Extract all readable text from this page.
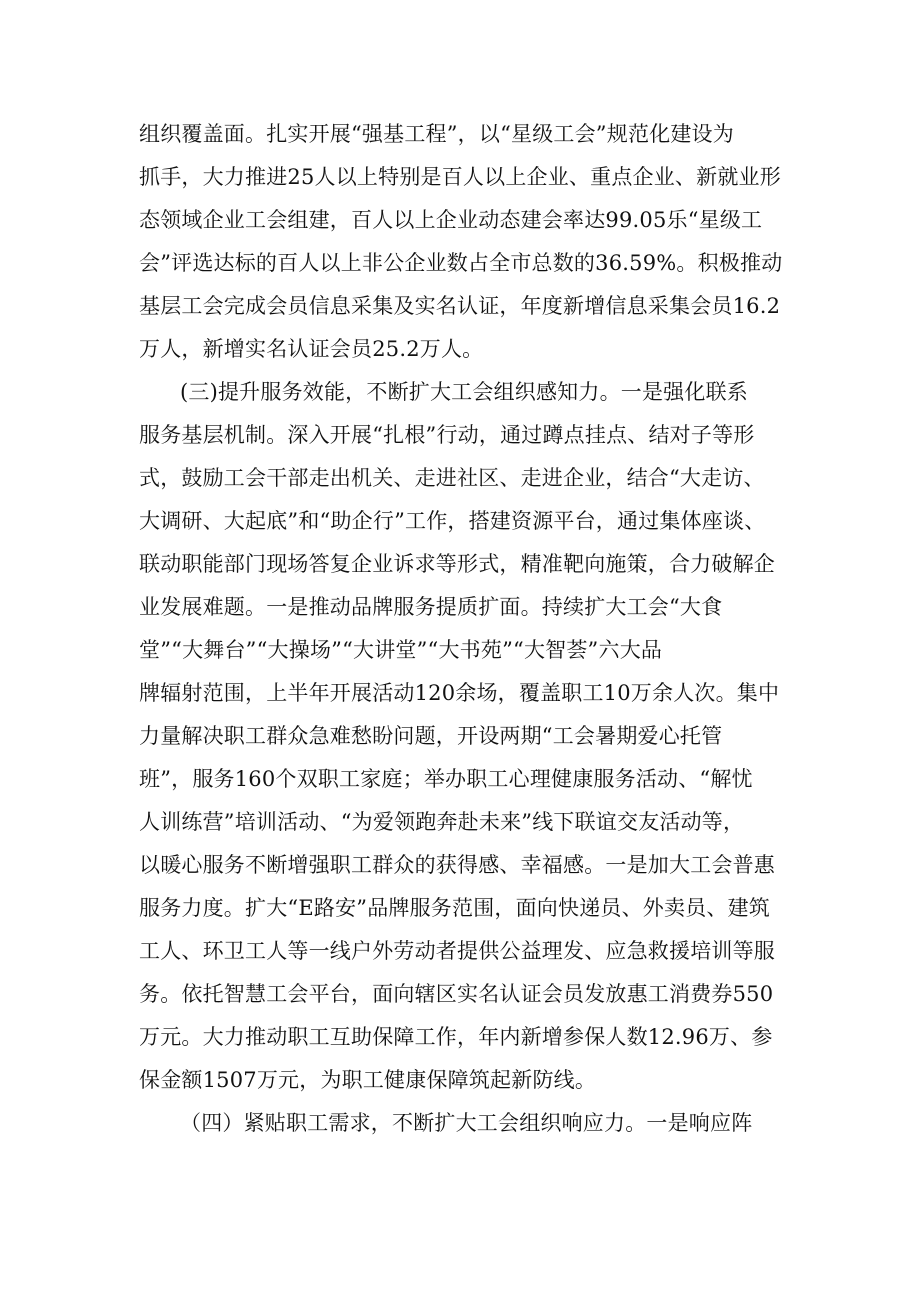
组织覆盖面。扎实开展“强基工程”，以“星级工会”规范化建设为
抓手，大力推进25人以上特别是百人以上企业、重点企业、新就业形
态领域企业工会组建，百人以上企业动态建会率达99.05乐“星级工
会”评选达标的百人以上非公企业数占全市总数的36.59%。积极推动
基层工会完成会员信息采集及实名认证，年度新增信息采集会员16.2
万人，新增实名认证会员25.2万人。
(三)提升服务效能，不断扩大工会组织感知力。一是强化联系
服务基层机制。深入开展“扎根”行动，通过蹲点挂点、结对子等形
式，鼓励工会干部走出机关、走进社区、走进企业，结合“大走访、
大调研、大起底”和“助企行”工作，搭建资源平台，通过集体座谈、
联动职能部门现场答复企业诉求等形式，精准靶向施策，合力破解企
业发展难题。一是推动品牌服务提质扩面。持续扩大工会“大食
堂”“大舞台”“大操场”“大讲堂”“大书苑”“大智荟”六大品
牌辐射范围，上半年开展活动120余场，覆盖职工10万余人次。集中
力量解决职工群众急难愁盼问题，开设两期“工会暑期爱心托管
班”，服务160个双职工家庭；举办职工心理健康服务活动、“解忧
人训练营”培训活动、“为爱领跑奔赴未来”线下联谊交友活动等，
以暖心服务不断增强职工群众的获得感、幸福感。一是加大工会普惠
服务力度。扩大“E路安”品牌服务范围，面向快递员、外卖员、建筑
工人、环卫工人等一线户外劳动者提供公益理发、应急救援培训等服
务。依托智慧工会平台，面向辖区实名认证会员发放惠工消费券550
万元。大力推动职工互助保障工作，年内新增参保人数12.96万、参
保金额1507万元，为职工健康保障筑起新防线。
（四）紧贴职工需求，不断扩大工会组织响应力。一是响应阵
